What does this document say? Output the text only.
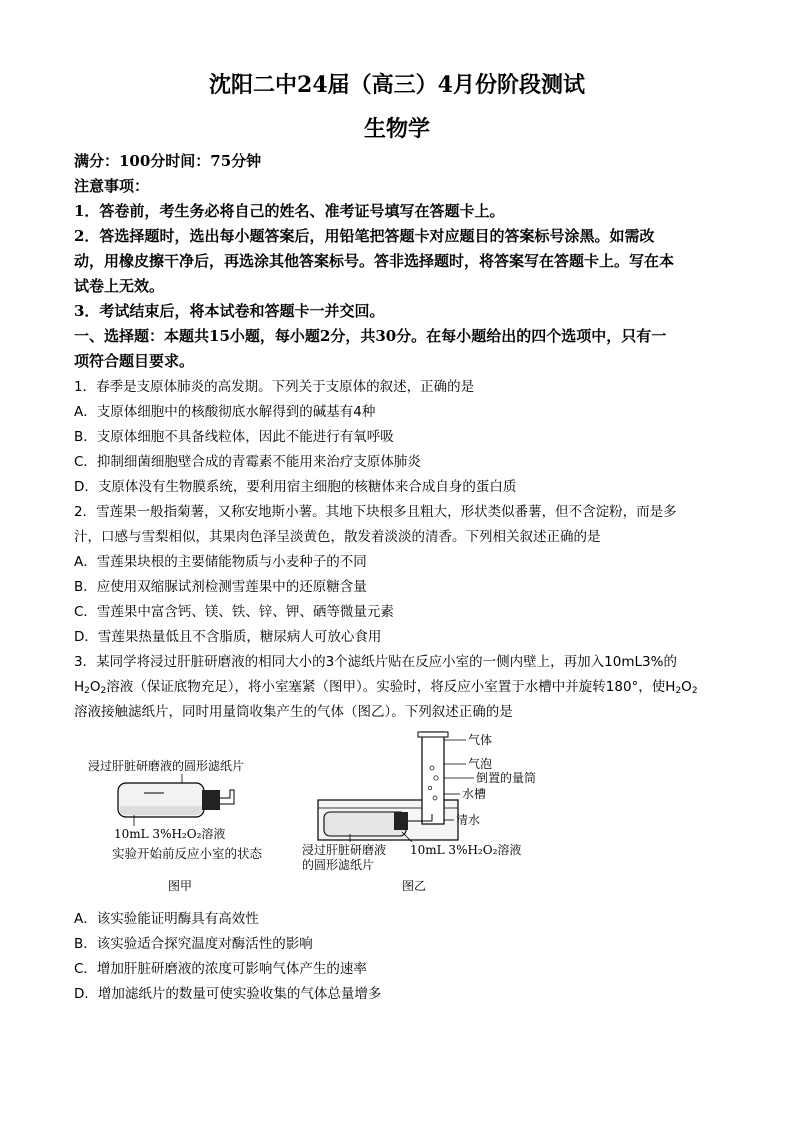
沈阳二中24届（高三）4月份阶段测试
生物学
满分：100分时间：75分钟
注意事项：
1．答卷前，考生务必将自己的姓名、准考证号填写在答题卡上。
2．答选择题时，选出每小题答案后，用铅笔把答题卡对应题目的答案标号涂黑。如需改
动，用橡皮擦干净后，再选涂其他答案标号。答非选择题时，将答案写在答题卡上。写在本
试卷上无效。
3．考试结束后，将本试卷和答题卡一并交回。
一、选择题：本题共15小题，每小题2分，共30分。在每小题给出的四个选项中，只有一
项符合题目要求。
1．春季是支原体肺炎的高发期。下列关于支原体的叙述，正确的是
A．支原体细胞中的核酸彻底水解得到的碱基有4种
B．支原体细胞不具备线粒体，因此不能进行有氧呼吸
C．抑制细菌细胞壁合成的青霉素不能用来治疗支原体肺炎
D．支原体没有生物膜系统，要利用宿主细胞的核糖体来合成自身的蛋白质
2．雪莲果一般指菊薯，又称安地斯小薯。其地下块根多且粗大，形状类似番薯，但不含淀粉，而是多
汁，口感与雪梨相似，其果肉色泽呈淡黄色，散发着淡淡的清香。下列相关叙述正确的是
A．雪莲果块根的主要储能物质与小麦种子的不同
B．应使用双缩脲试剂检测雪莲果中的还原糖含量
C．雪莲果中富含钙、镁、铁、锌、钾、硒等微量元素
D．雪莲果热量低且不含脂质，糖尿病人可放心食用
3．某同学将浸过肝脏研磨液的相同大小的3个滤纸片贴在反应小室的一侧内壁上，再加入10mL3%的
$H_2O_2$溶液（保证底物充足），将小室塞紧（图甲）。实验时，将反应小室置于水槽中并旋转180°，使$H_2O_2$
溶液接触滤纸片，同时用量筒收集产生的气体（图乙）。下列叙述正确的是
浸过肝脏研磨液的圆形滤纸片
10mL 3%H₂O₂溶液
实验开始前反应小室的状态
图甲
气体
气泡
倒置的量筒
水槽
清水
浸过肝脏研磨液
的圆形滤纸片
10mL 3%H₂O₂溶液
图乙
A．该实验能证明酶具有高效性
B．该实验适合探究温度对酶活性的影响
C．增加肝脏研磨液的浓度可影响气体产生的速率
D．增加滤纸片的数量可使实验收集的气体总量增多
